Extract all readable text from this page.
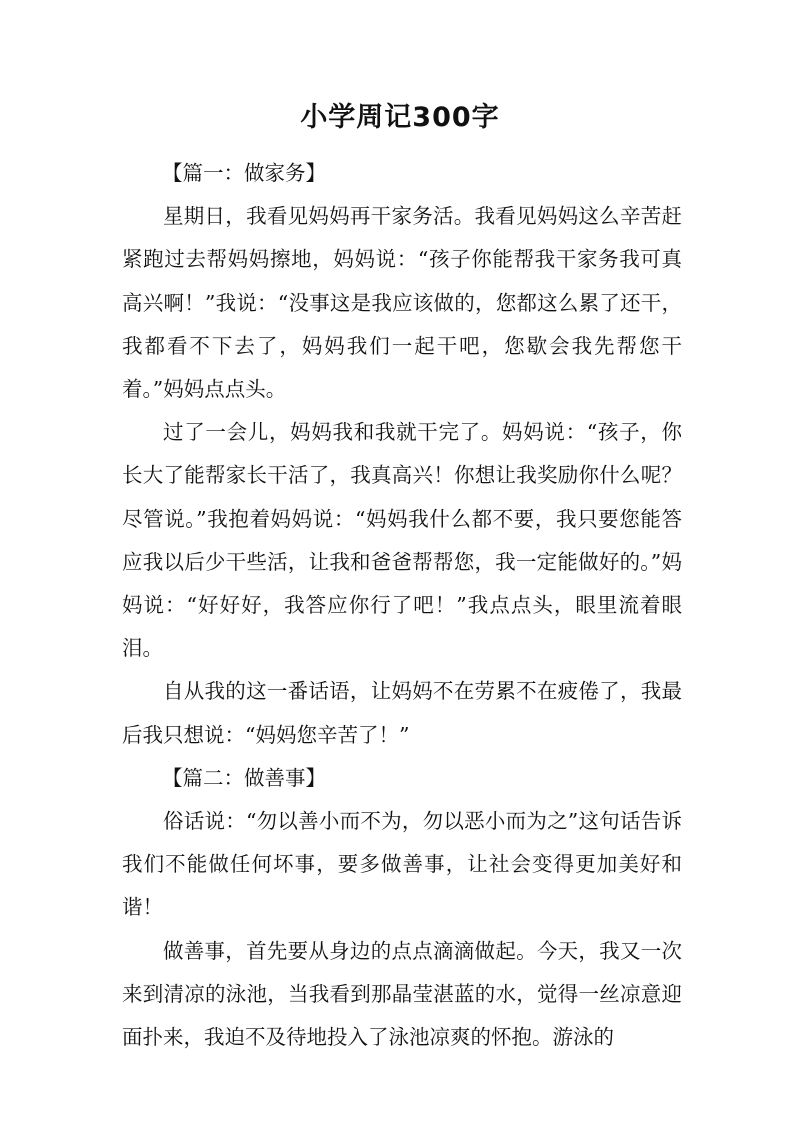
小学周记300字

【篇一：做家务】

星期日，我看见妈妈再干家务活。我看见妈妈这么辛苦赶紧跑过去帮妈妈擦地，妈妈说：“孩子你能帮我干家务我可真高兴啊！”我说：“没事这是我应该做的，您都这么累了还干，我都看不下去了，妈妈我们一起干吧，您歇会我先帮您干着。”妈妈点点头。

过了一会儿，妈妈我和我就干完了。妈妈说：“孩子，你长大了能帮家长干活了，我真高兴！你想让我奖励你什么呢？尽管说。”我抱着妈妈说：“妈妈我什么都不要，我只要您能答应我以后少干些活，让我和爸爸帮帮您，我一定能做好的。”妈妈说：“好好好，我答应你行了吧！”我点点头，眼里流着眼泪。

自从我的这一番话语，让妈妈不在劳累不在疲倦了，我最后我只想说：“妈妈您辛苦了！”

【篇二：做善事】

俗话说：“勿以善小而不为，勿以恶小而为之”这句话告诉我们不能做任何坏事，要多做善事，让社会变得更加美好和谐！

做善事，首先要从身边的点点滴滴做起。今天，我又一次来到清凉的泳池，当我看到那晶莹湛蓝的水，觉得一丝凉意迎面扑来，我迫不及待地投入了泳池凉爽的怀抱。游泳的
